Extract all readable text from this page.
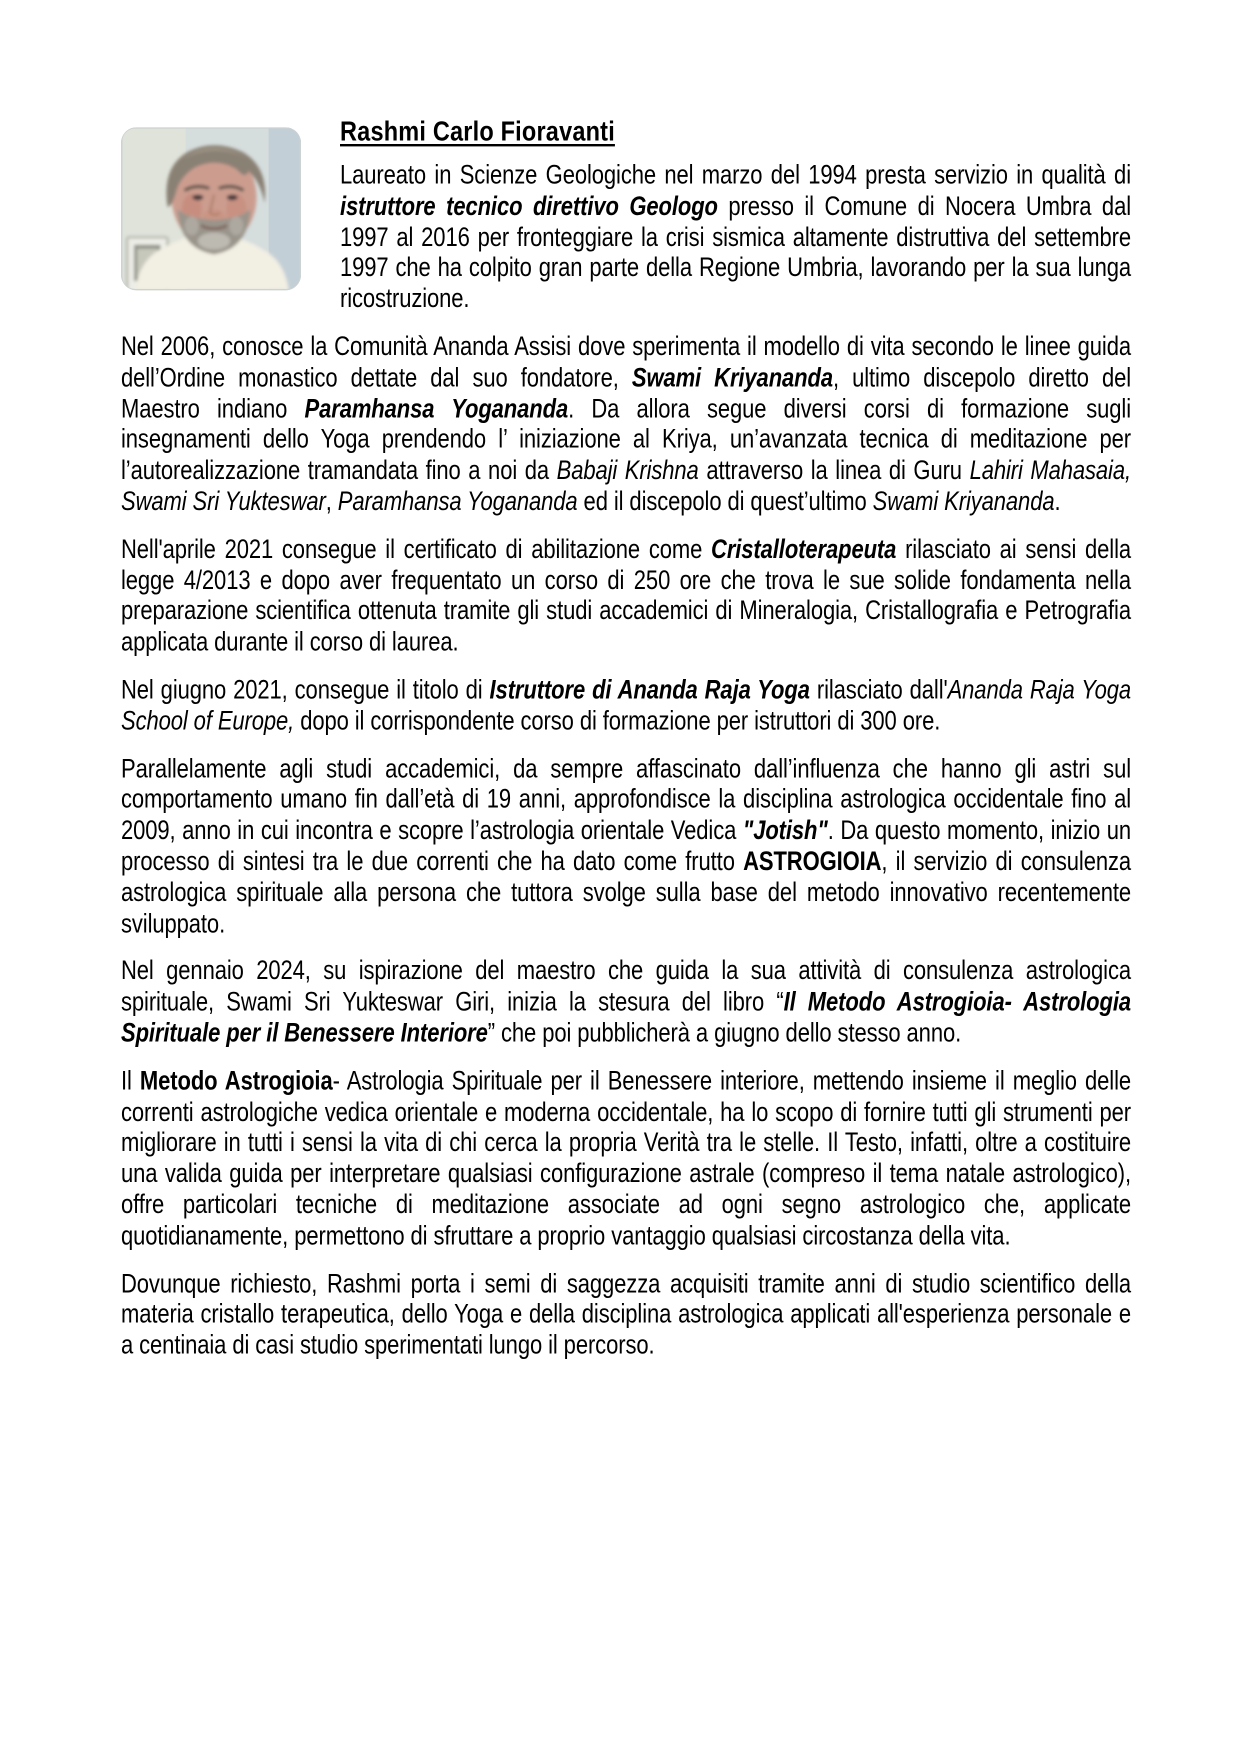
Rashmi Carlo Fioravanti

Laureato in Scienze Geologiche nel marzo del 1994 presta servizio in qualità di istruttore tecnico direttivo Geologo presso il Comune di Nocera Umbra dal 1997 al 2016 per fronteggiare la crisi sismica altamente distruttiva del settembre 1997 che ha colpito gran parte della Regione Umbria, lavorando per la sua lunga ricostruzione.

Nel 2006, conosce la Comunità Ananda Assisi dove sperimenta il modello di vita secondo le linee guida dell’Ordine monastico dettate dal suo fondatore, Swami Kriyananda, ultimo discepolo diretto del Maestro indiano Paramhansa Yogananda. Da allora segue diversi corsi di formazione sugli insegnamenti dello Yoga prendendo l’ iniziazione al Kriya, un’avanzata tecnica di meditazione per l’autorealizzazione tramandata fino a noi da Babaji Krishna attraverso la linea di Guru Lahiri Mahasaia, Swami Sri Yukteswar, Paramhansa Yogananda ed il discepolo di quest’ultimo Swami Kriyananda.

Nell'aprile 2021 consegue il certificato di abilitazione come Cristalloterapeuta rilasciato ai sensi della legge 4/2013 e dopo aver frequentato un corso di 250 ore che trova le sue solide fondamenta nella preparazione scientifica ottenuta tramite gli studi accademici di Mineralogia, Cristallografia e Petrografia applicata durante il corso di laurea.

Nel giugno 2021, consegue il titolo di Istruttore di Ananda Raja Yoga rilasciato dall'Ananda Raja Yoga School of Europe, dopo il corrispondente corso di formazione per istruttori di 300 ore.

Parallelamente agli studi accademici, da sempre affascinato dall’influenza che hanno gli astri sul comportamento umano fin dall’età di 19 anni, approfondisce la disciplina astrologica occidentale fino al 2009, anno in cui incontra e scopre l’astrologia orientale Vedica "Jotish". Da questo momento, inizio un processo di sintesi tra le due correnti che ha dato come frutto ASTROGIOIA, il servizio di consulenza astrologica spirituale alla persona che tuttora svolge sulla base del metodo innovativo recentemente sviluppato.

Nel gennaio 2024, su ispirazione del maestro che guida la sua attività di consulenza astrologica spirituale, Swami Sri Yukteswar Giri, inizia la stesura del libro “Il Metodo Astrogioia- Astrologia Spirituale per il Benessere Interiore” che poi pubblicherà a giugno dello stesso anno.

Il Metodo Astrogioia- Astrologia Spirituale per il Benessere interiore, mettendo insieme il meglio delle correnti astrologiche vedica orientale e moderna occidentale, ha lo scopo di fornire tutti gli strumenti per migliorare in tutti i sensi la vita di chi cerca la propria Verità tra le stelle. Il Testo, infatti, oltre a costituire una valida guida per interpretare qualsiasi configurazione astrale (compreso il tema natale astrologico), offre particolari tecniche di meditazione associate ad ogni segno astrologico che, applicate quotidianamente, permettono di sfruttare a proprio vantaggio qualsiasi circostanza della vita.

Dovunque richiesto, Rashmi porta i semi di saggezza acquisiti tramite anni di studio scientifico della materia cristallo terapeutica, dello Yoga e della disciplina astrologica applicati all'esperienza personale e a centinaia di casi studio sperimentati lungo il percorso.
